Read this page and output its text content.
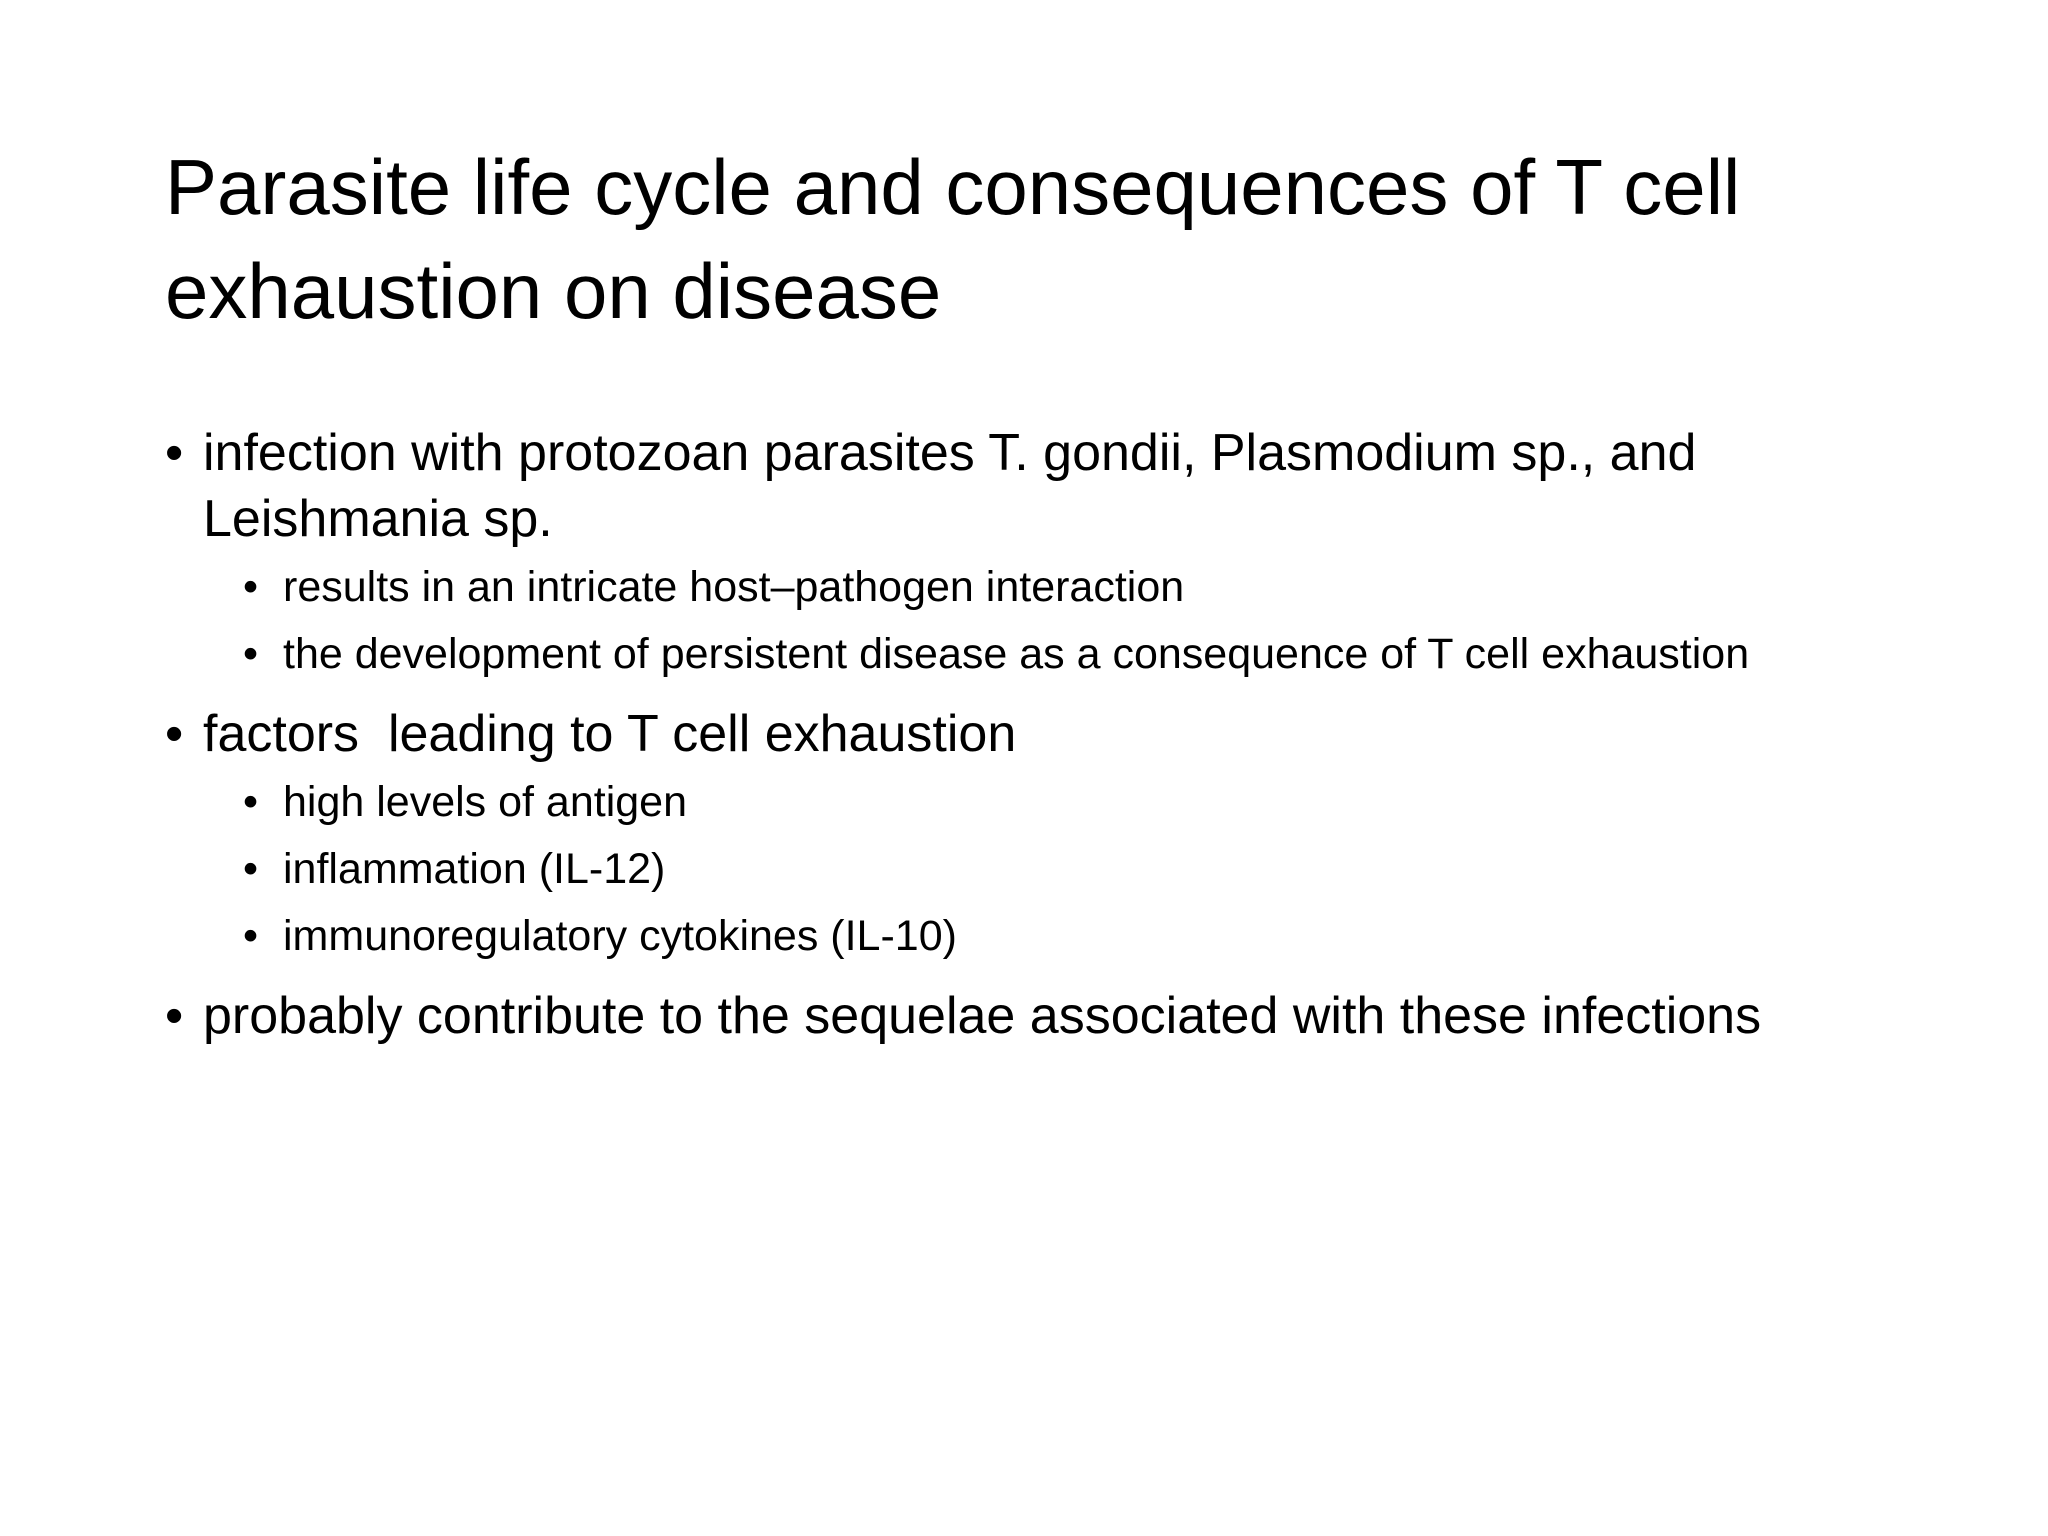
Parasite life cycle and consequences of T cell exhaustion on disease
• infection with protozoan parasites T. gondii, Plasmodium sp., and Leishmania sp.
• results in an intricate host–pathogen interaction
• the development of persistent disease as a consequence of T cell exhaustion
• factors  leading to T cell exhaustion
• high levels of antigen
• inflammation (IL-12)
• immunoregulatory cytokines (IL-10)
• probably contribute to the sequelae associated with these infections
